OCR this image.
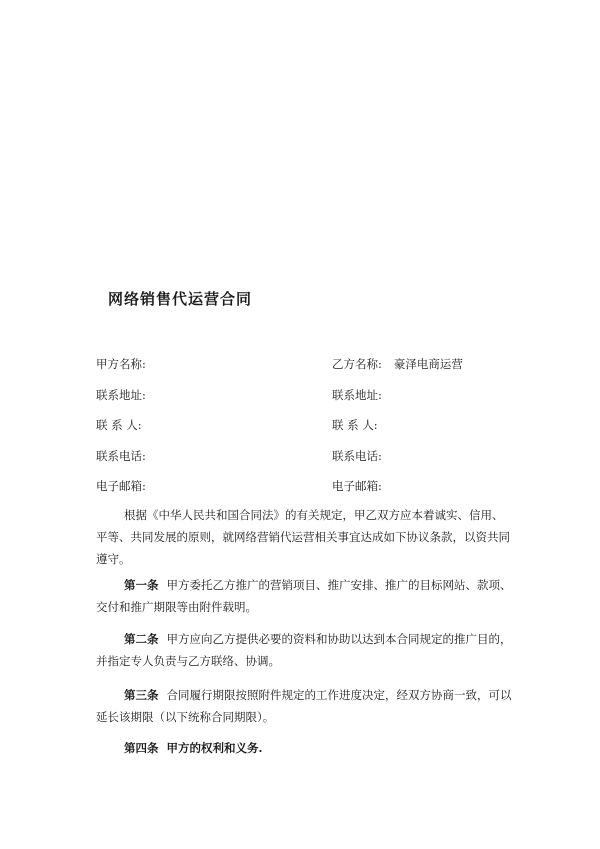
网络销售代运营合同
甲方名称:	乙方名称: 豪泽电商运营
联系地址:	联系地址:
联 系 人:	联 系 人:
联系电话:	联系电话:
电子邮箱:	电子邮箱:
根据《中华人民共和国合同法》的有关规定，甲乙双方应本着诚实、信用、平等、共同发展的原则，就网络营销代运营相关事宜达成如下协议条款，以资共同遵守。
第一条 甲方委托乙方推广的营销项目、推广安排、推广的目标网站、款项、交付和推广期限等由附件载明。
第二条 甲方应向乙方提供必要的资料和协助以达到本合同规定的推广目的，并指定专人负责与乙方联络、协调。
第三条 合同履行期限按照附件规定的工作进度决定，经双方协商一致，可以延长该期限（以下统称合同期限）。
第四条 甲方的权利和义务.
